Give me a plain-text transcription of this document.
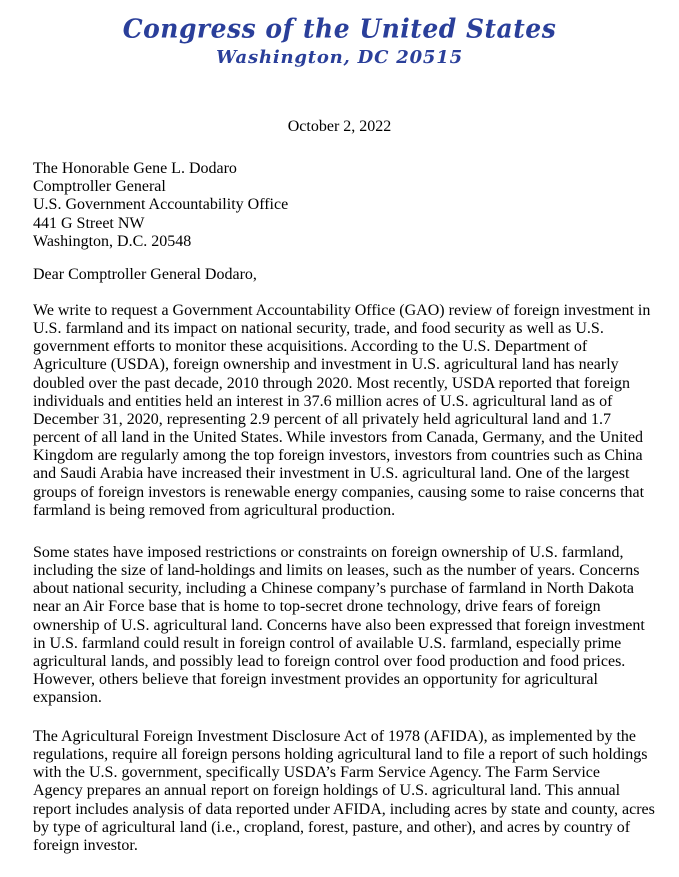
Congress of the United States
Washington, DC 20515
October 2, 2022
The Honorable Gene L. Dodaro
Comptroller General
U.S. Government Accountability Office
441 G Street NW
Washington, D.C. 20548
Dear Comptroller General Dodaro,
We write to request a Government Accountability Office (GAO) review of foreign investment in
U.S. farmland and its impact on national security, trade, and food security as well as U.S.
government efforts to monitor these acquisitions. According to the U.S. Department of
Agriculture (USDA), foreign ownership and investment in U.S. agricultural land has nearly
doubled over the past decade, 2010 through 2020. Most recently, USDA reported that foreign
individuals and entities held an interest in 37.6 million acres of U.S. agricultural land as of
December 31, 2020, representing 2.9 percent of all privately held agricultural land and 1.7
percent of all land in the United States. While investors from Canada, Germany, and the United
Kingdom are regularly among the top foreign investors, investors from countries such as China
and Saudi Arabia have increased their investment in U.S. agricultural land. One of the largest
groups of foreign investors is renewable energy companies, causing some to raise concerns that
farmland is being removed from agricultural production.
Some states have imposed restrictions or constraints on foreign ownership of U.S. farmland,
including the size of land-holdings and limits on leases, such as the number of years. Concerns
about national security, including a Chinese company’s purchase of farmland in North Dakota
near an Air Force base that is home to top-secret drone technology, drive fears of foreign
ownership of U.S. agricultural land. Concerns have also been expressed that foreign investment
in U.S. farmland could result in foreign control of available U.S. farmland, especially prime
agricultural lands, and possibly lead to foreign control over food production and food prices.
However, others believe that foreign investment provides an opportunity for agricultural
expansion.
The Agricultural Foreign Investment Disclosure Act of 1978 (AFIDA), as implemented by the
regulations, require all foreign persons holding agricultural land to file a report of such holdings
with the U.S. government, specifically USDA’s Farm Service Agency. The Farm Service
Agency prepares an annual report on foreign holdings of U.S. agricultural land. This annual
report includes analysis of data reported under AFIDA, including acres by state and county, acres
by type of agricultural land (i.e., cropland, forest, pasture, and other), and acres by country of
foreign investor.
